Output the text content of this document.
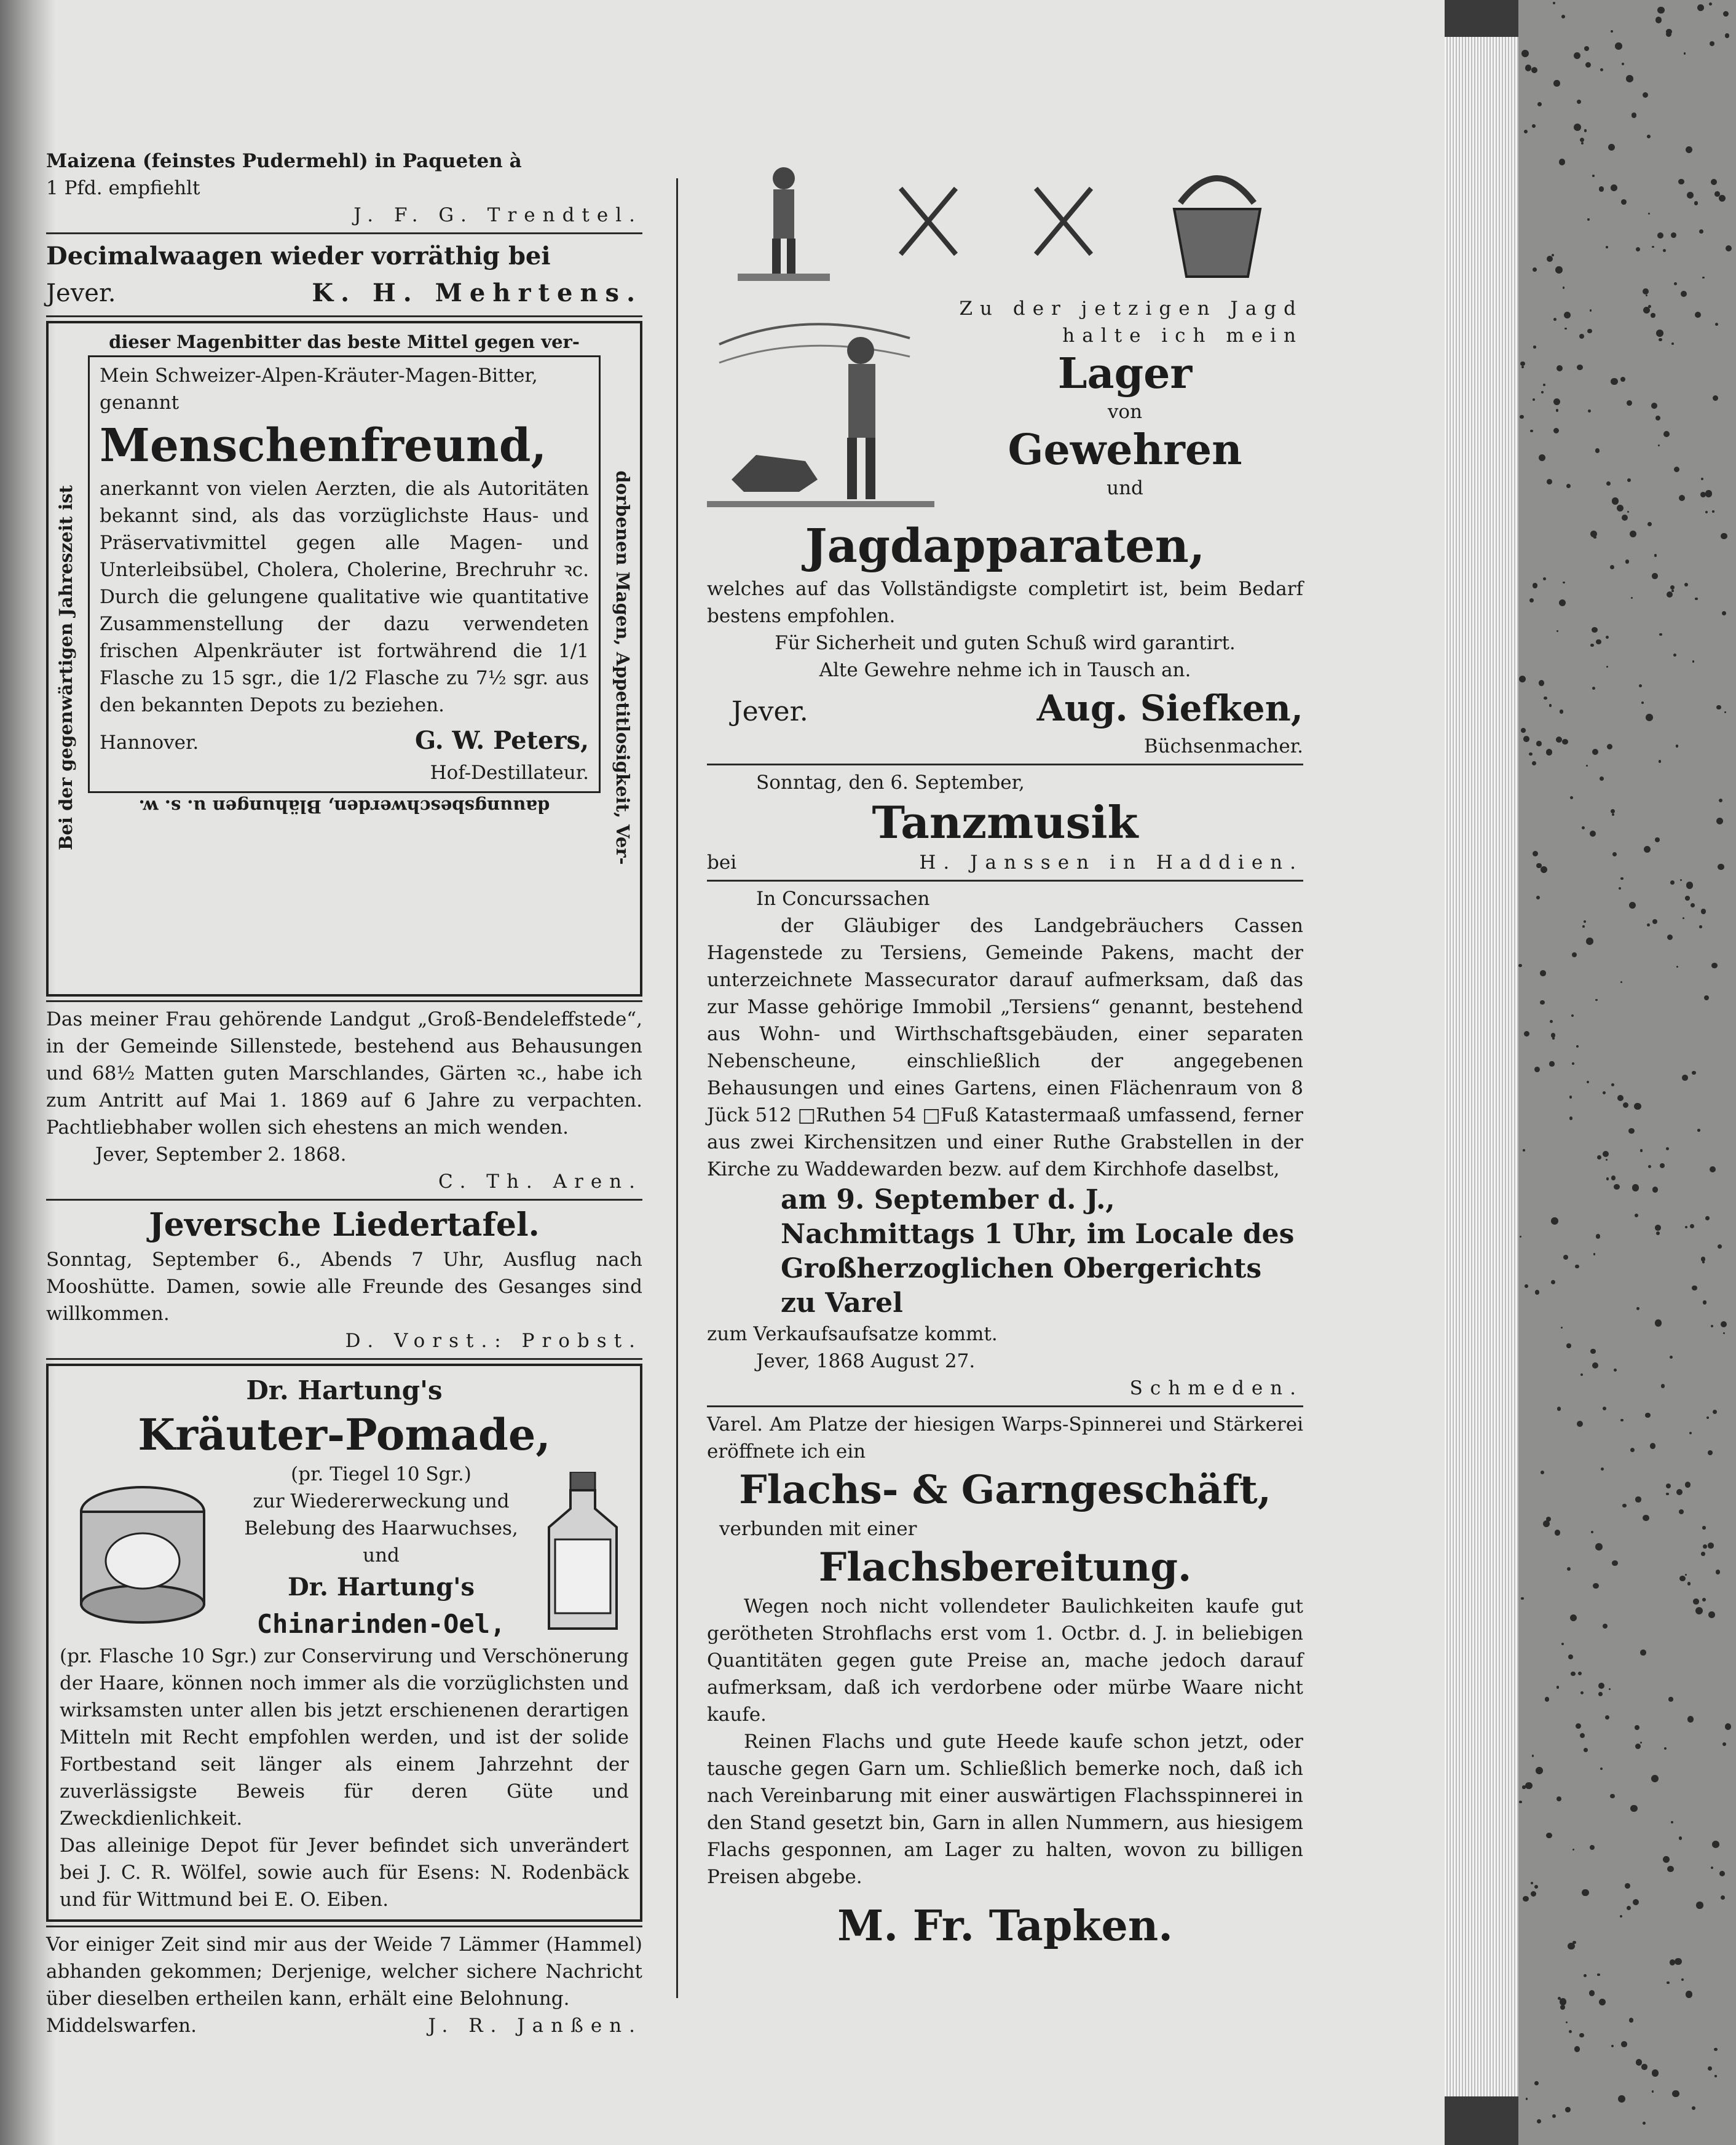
Maizena (feinstes Pudermehl) in Paqueten à

1 Pfd. empfiehlt

J. F. G. Trendtel.

Decimalwaagen wieder vorräthig bei

Jever.	K. H. Mehrtens.

dieser Magenbitter das beste Mittel gegen ver-

Bei der gegenwärtigen Jahreszeit ist	dorbenen Magen, Appetitlosigkeit, Ver-

Mein Schweizer-Alpen-Kräuter-Magen-Bitter, genannt

Menschenfreund,

anerkannt von vielen Aerzten, die als Autoritäten bekannt sind, als das vorzüglichste Haus- und Präservativmittel gegen alle Magen- und Unterleibsübel, Cholera, Cholerine, Brechruhr ꝛc. Durch die gelungene qualitative wie quantitative Zusammenstellung der dazu verwendeten frischen Alpenkräuter ist fortwährend die 1/1 Flasche zu 15 sgr., die 1/2 Flasche zu 7½ sgr. aus den bekannten Depots zu beziehen.

Hannover.	G. W. Peters,

Hof-Destillateur.

dauungsbeschwerden, Blähungen u. s. w.

Das meiner Frau gehörende Landgut „Groß-Bendeleffstede“, in der Gemeinde Sillenstede, bestehend aus Behausungen und 68½ Matten guten Marschlandes, Gärten ꝛc., habe ich zum Antritt auf Mai 1. 1869 auf 6 Jahre zu verpachten. Pachtliebhaber wollen sich ehestens an mich wenden.

Jever, September 2. 1868.

C. Th. Aren.

Jeversche Liedertafel.

Sonntag, September 6., Abends 7 Uhr, Ausflug nach Mooshütte. Damen, sowie alle Freunde des Gesanges sind willkommen.

D. Vorst.: Probst.

Dr. Hartung's

Kräuter-Pomade,

(pr. Tiegel 10 Sgr.)

zur Wiedererweckung und Belebung des Haarwuchses,

und

Dr. Hartung's

Chinarinden-Oel,

(pr. Flasche 10 Sgr.) zur Conservirung und Verschönerung der Haare, können noch immer als die vorzüglichsten und wirksamsten unter allen bis jetzt erschienenen derartigen Mitteln mit Recht empfohlen werden, und ist der solide Fortbestand seit länger als einem Jahrzehnt der zuverlässigste Beweis für deren Güte und Zweckdienlichkeit.

Das alleinige Depot für Jever befindet sich unverändert bei J. C. R. Wölfel, sowie auch für Esens: N. Rodenbäck und für Wittmund bei E. O. Eiben.

Vor einiger Zeit sind mir aus der Weide 7 Lämmer (Hammel) abhanden gekommen; Derjenige, welcher sichere Nachricht über dieselben ertheilen kann, erhält eine Belohnung.

Middelswarfen.	J. R. Janßen.

Zu der jetzigen Jagd halte ich mein

Lager

von

Gewehren

und

Jagdapparaten,

welches auf das Vollständigste completirt ist, beim Bedarf bestens empfohlen.

Für Sicherheit und guten Schuß wird garantirt.

Alte Gewehre nehme ich in Tausch an.

Jever.	Aug. Siefken,

Büchsenmacher.

Sonntag, den 6. September,

Tanzmusik

bei	H. Janssen in Haddien.

In Concurssachen

der Gläubiger des Landgebräuchers Cassen Hagenstede zu Tersiens, Gemeinde Pakens, macht der unterzeichnete Massecurator darauf aufmerksam, daß das zur Masse gehörige Immobil „Tersiens“ genannt, bestehend aus Wohn- und Wirthschaftsgebäuden, einer separaten Nebenscheune, einschließlich der angegebenen Behausungen und eines Gartens, einen Flächenraum von 8 Jück 512 □Ruthen 54 □Fuß Katastermaaß umfassend, ferner aus zwei Kirchensitzen und einer Ruthe Grabstellen in der Kirche zu Waddewarden bezw. auf dem Kirchhofe daselbst,

am 9. September d. J., Nachmittags 1 Uhr, im Locale des Großherzoglichen Obergerichts zu Varel

zum Verkaufsaufsatze kommt.

Jever, 1868 August 27.

Schmeden.

Varel. Am Platze der hiesigen Warps-Spinnerei und Stärkerei eröffnete ich ein

Flachs- & Garngeschäft,

verbunden mit einer

Flachsbereitung.

Wegen noch nicht vollendeter Baulichkeiten kaufe gut gerötheten Strohflachs erst vom 1. Octbr. d. J. in beliebigen Quantitäten gegen gute Preise an, mache jedoch darauf aufmerksam, daß ich verdorbene oder mürbe Waare nicht kaufe.

Reinen Flachs und gute Heede kaufe schon jetzt, oder tausche gegen Garn um. Schließlich bemerke noch, daß ich nach Vereinbarung mit einer auswärtigen Flachsspinnerei in den Stand gesetzt bin, Garn in allen Nummern, aus hiesigem Flachs gesponnen, am Lager zu halten, wovon zu billigen Preisen abgebe.

M. Fr. Tapken.
